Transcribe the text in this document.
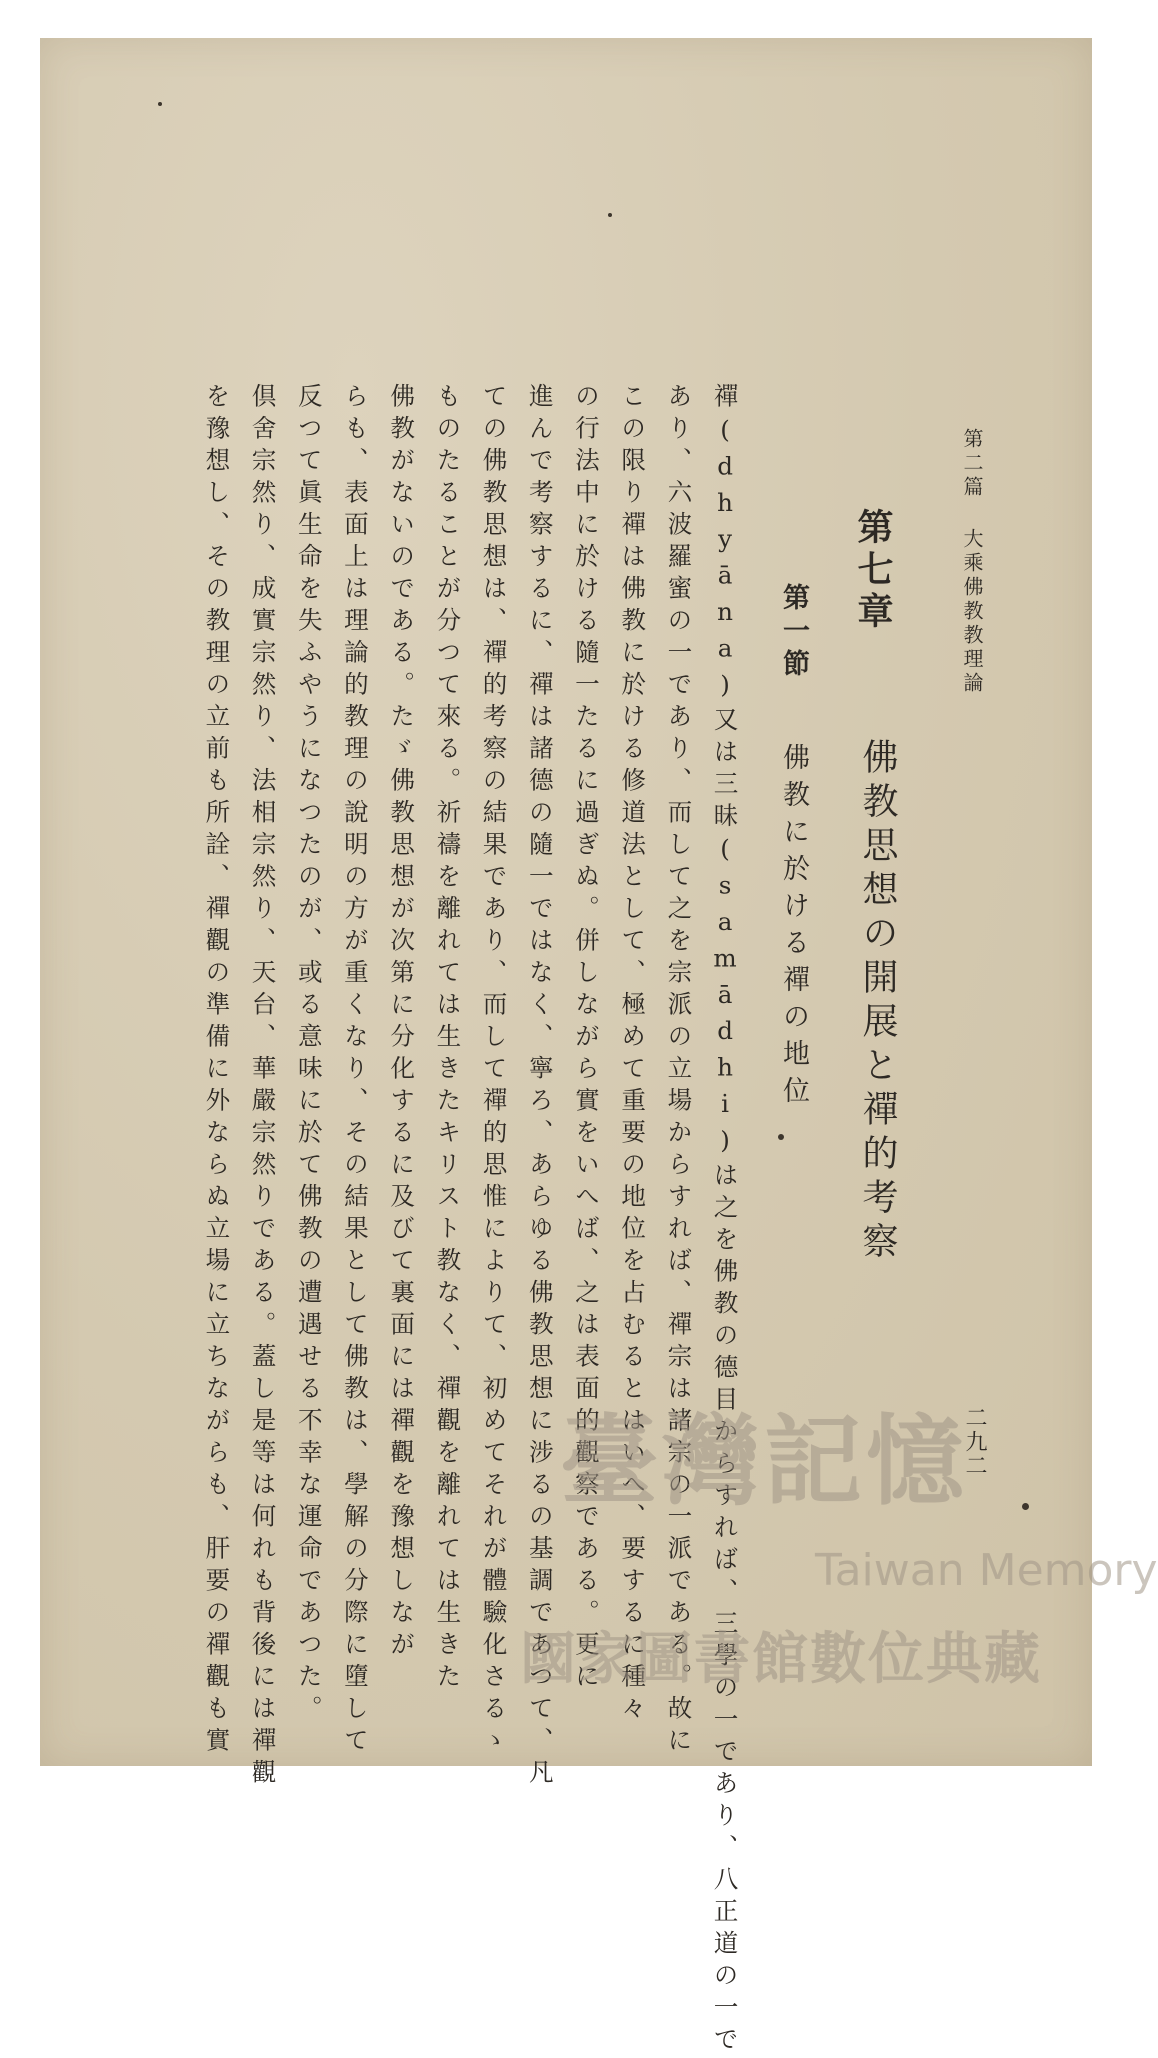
第二篇 大乘佛教教理論
第七章
佛教思想の開展と禪的考察
第一節
佛教に於ける禪の地位
二九二
禪(dhyāna)又は三昧(samādhi)は之を佛教の德目からすれば、三學の一であり、八正道の一で
あり、六波羅蜜の一であり、而して之を宗派の立場からすれば、禪宗は諸宗の一派である。故に
この限り禪は佛教に於ける修道法として、極めて重要の地位を占むるとはいへ、要するに種々
の行法中に於ける隨一たるに過ぎぬ。併しながら實をいへば、之は表面的觀察である。更に
進んで考察するに、禪は諸德の隨一ではなく、寧ろ、あらゆる佛教思想に涉るの基調であつて、凡
ての佛教思想は、禪的考察の結果であり、而して禪的思惟によりて、初めてそれが體驗化さるゝ
ものたることが分つて來る。祈禱を離れては生きたキリスト教なく、禪觀を離れては生きた
佛教がないのである。たゞ佛教思想が次第に分化するに及びて裏面には禪觀を豫想しなが
らも、表面上は理論的教理の說明の方が重くなり、その結果として佛教は、學解の分際に墮して
反つて眞生命を失ふやうになつたのが、或る意味に於て佛教の遭遇せる不幸な運命であつた。
倶舍宗然り、成實宗然り、法相宗然り、天台、華嚴宗然りである。蓋し是等は何れも背後には禪觀
を豫想し、その教理の立前も所詮、禪觀の準備に外ならぬ立場に立ちながらも、肝要の禪觀も實	臺灣記憶
Taiwan Memory
國家圖書館數位典藏
